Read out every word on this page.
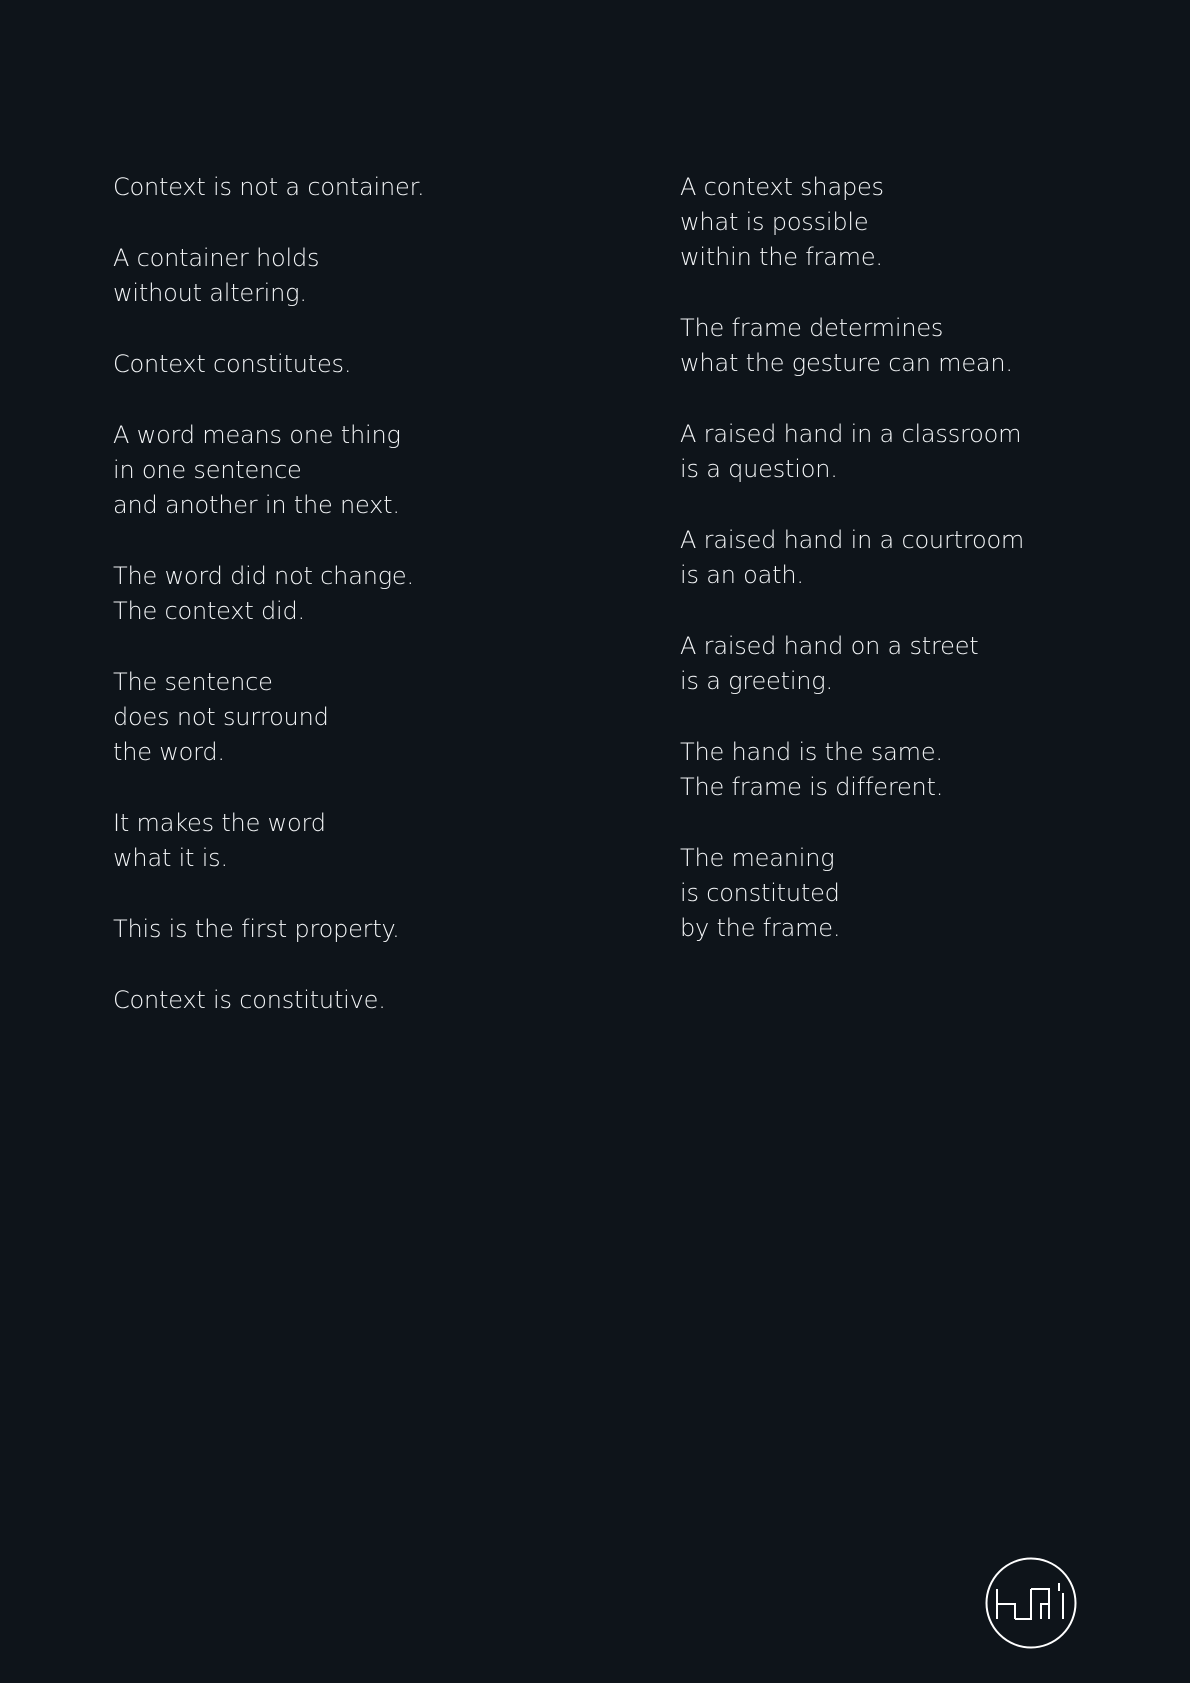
Context is not a container.

A container holds
without altering.

Context constitutes.

A word means one thing
in one sentence
and another in the next.

The word did not change.
The context did.

The sentence
does not surround
the word.

It makes the word
what it is.

This is the first property.

Context is constitutive.

A context shapes
what is possible
within the frame.

The frame determines
what the gesture can mean.

A raised hand in a classroom
is a question.

A raised hand in a courtroom
is an oath.

A raised hand on a street
is a greeting.

The hand is the same.
The frame is different.

The meaning
is constituted
by the frame.
